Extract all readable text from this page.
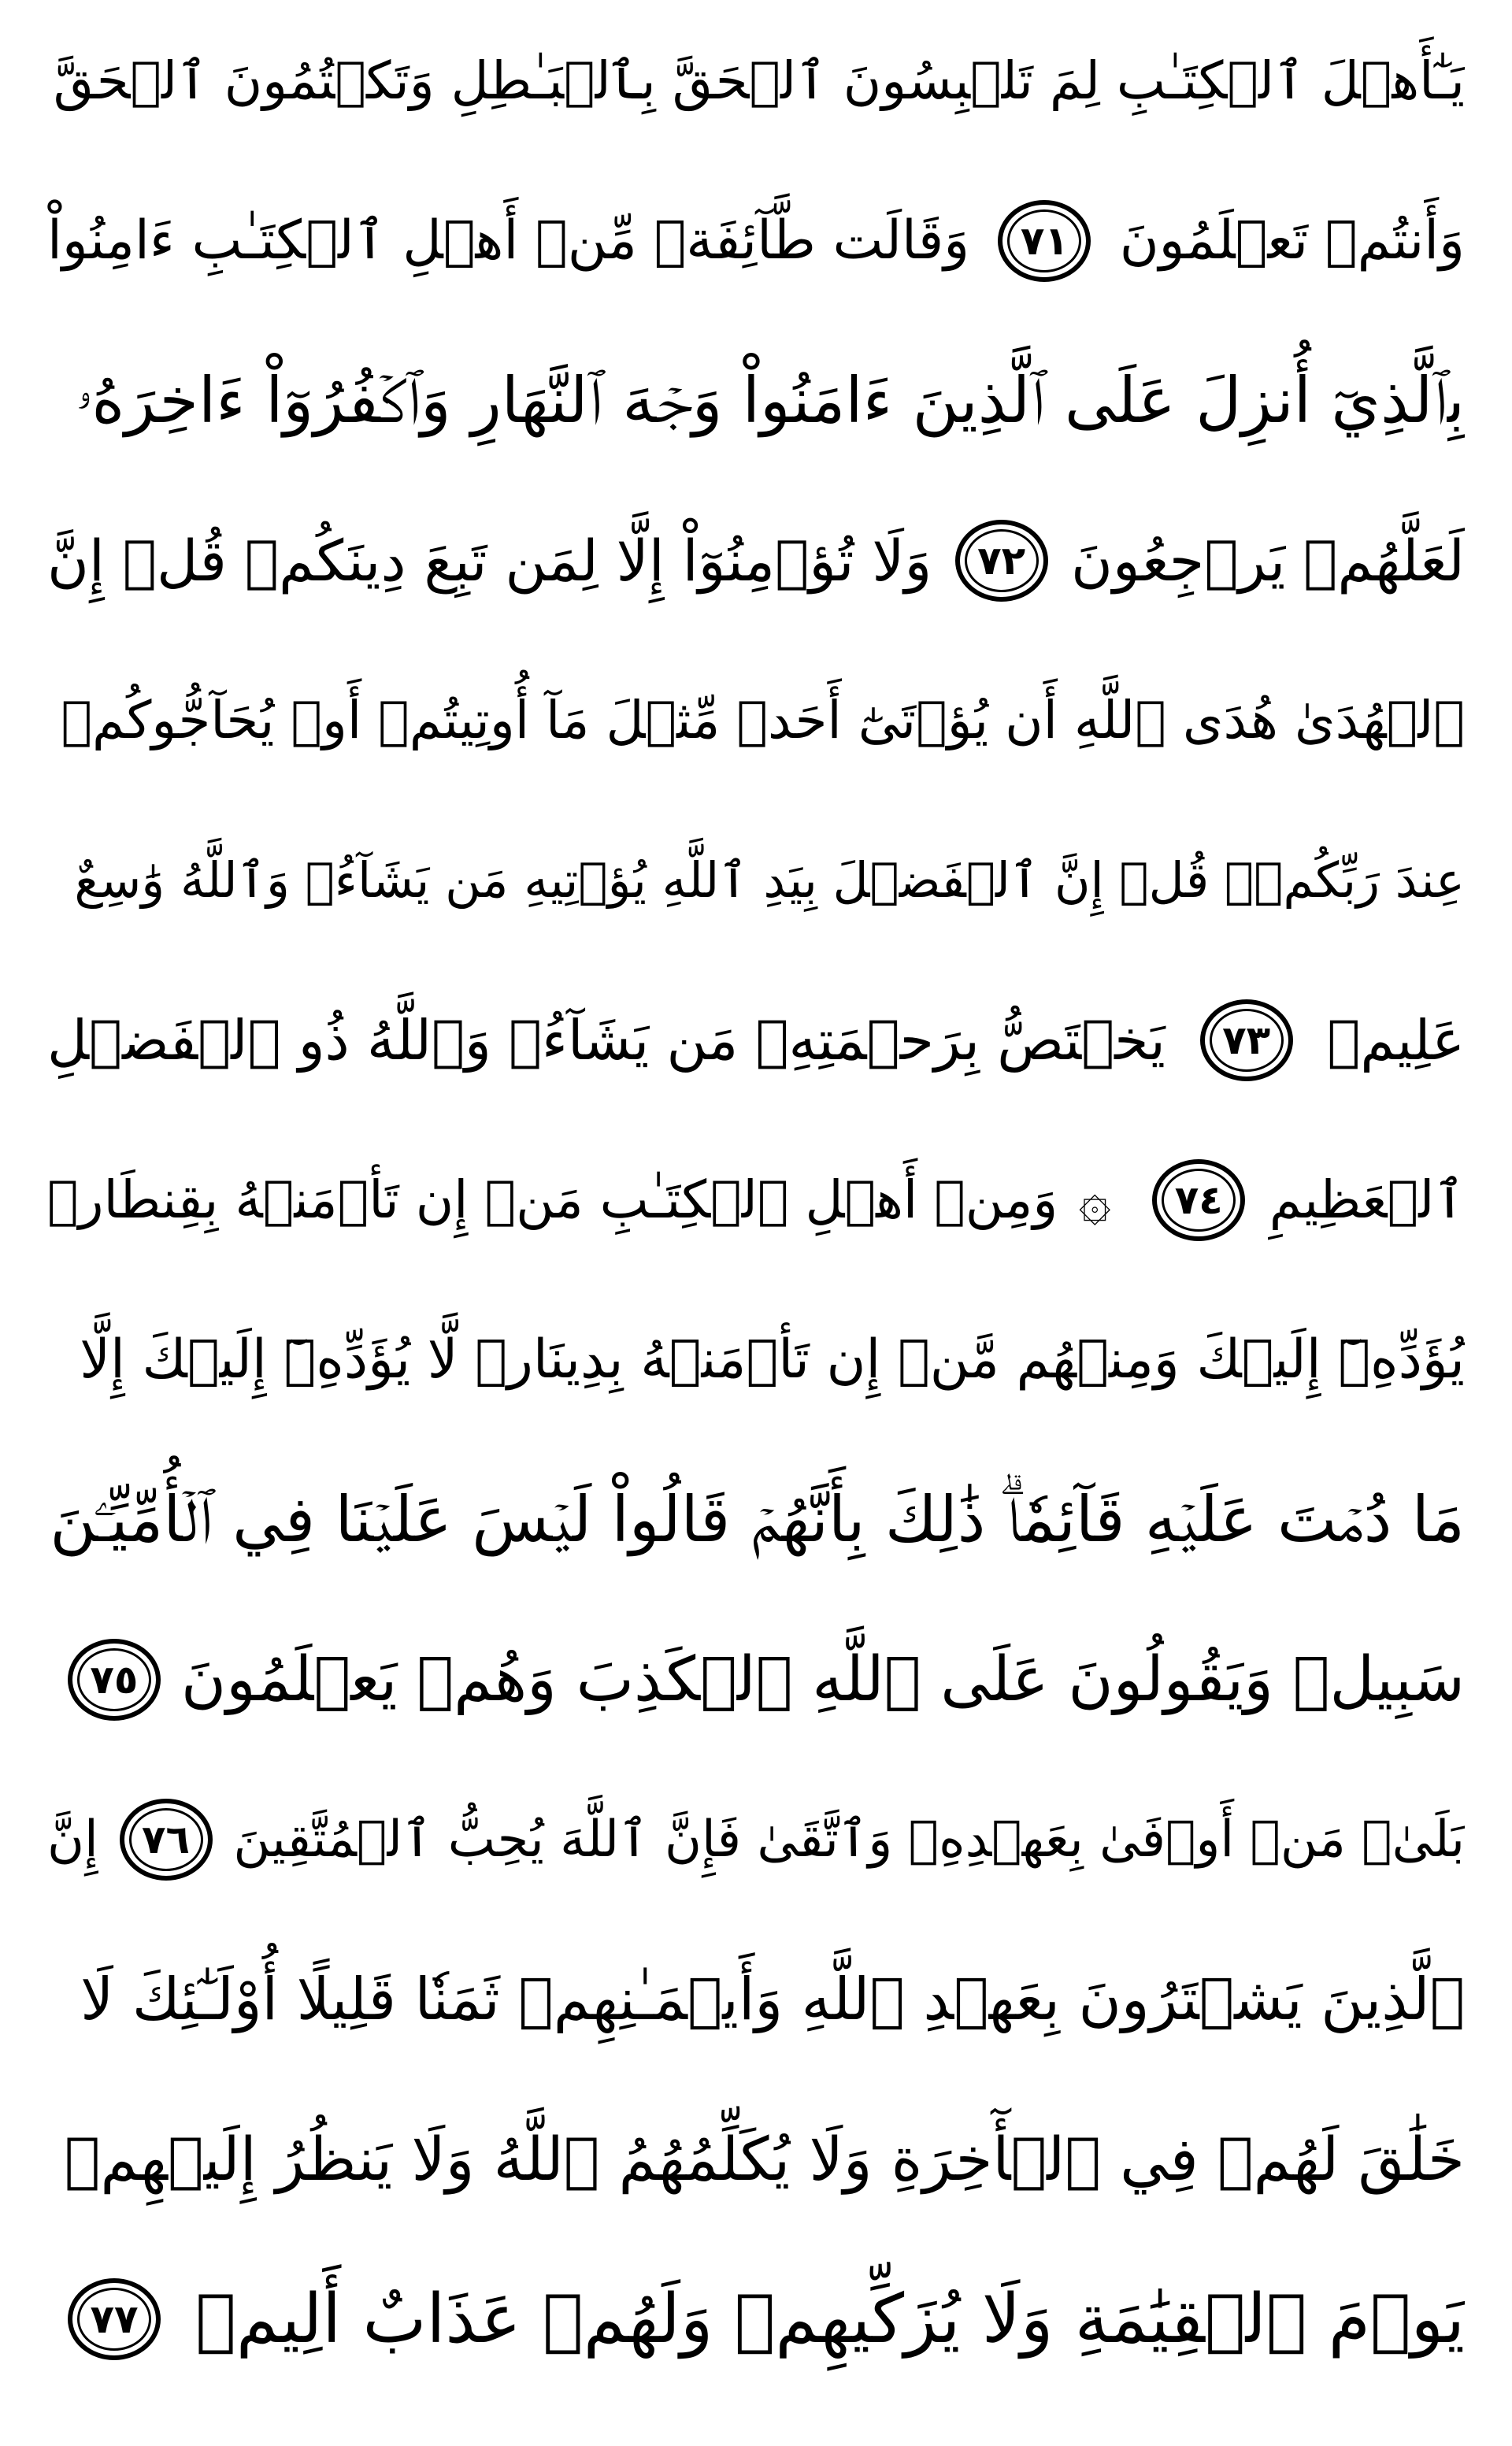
يَـٰٓأَهۡلَ ٱلۡكِتَـٰبِ لِمَ تَلۡبِسُونَ ٱلۡحَقَّ بِٱلۡبَـٰطِلِ وَتَكۡتُمُونَ ٱلۡحَقَّ
وَأَنتُمۡ تَعۡلَمُونَ
٧١
وَقَالَت طَّآئِفَةٞ مِّنۡ أَهۡلِ ٱلۡكِتَـٰبِ ءَامِنُواْ
بِٱلَّذِيٓ أُنزِلَ عَلَى ٱلَّذِينَ ءَامَنُواْ وَجۡهَ ٱلنَّهَارِ وَٱكۡفُرُوٓاْ ءَاخِرَهُۥ
لَعَلَّهُمۡ يَرۡجِعُونَ
٧٢
وَلَا تُؤۡمِنُوٓاْ إِلَّا لِمَن تَبِعَ دِينَكُمۡ قُلۡ إِنَّ
ٱلۡهُدَىٰ هُدَى ٱللَّهِ أَن يُؤۡتَىٰٓ أَحَدٞ مِّثۡلَ مَآ أُوتِيتُمۡ أَوۡ يُحَآجُّوكُمۡ
عِندَ رَبِّكُمۡۗ قُلۡ إِنَّ ٱلۡفَضۡلَ بِيَدِ ٱللَّهِ يُؤۡتِيهِ مَن يَشَآءُۗ وَٱللَّهُ وَٰسِعٌ
عَلِيمٞ
٧٣
يَخۡتَصُّ بِرَحۡمَتِهِۦ مَن يَشَآءُۗ وَٱللَّهُ ذُو ٱلۡفَضۡلِ
ٱلۡعَظِيمِ
٧٤
۞
وَمِنۡ أَهۡلِ ٱلۡكِتَـٰبِ مَنۡ إِن تَأۡمَنۡهُ بِقِنطَارٖ
يُؤَدِّهِۦٓ إِلَيۡكَ وَمِنۡهُم مَّنۡ إِن تَأۡمَنۡهُ بِدِينَارٖ لَّا يُؤَدِّهِۦٓ إِلَيۡكَ إِلَّا
مَا دُمۡتَ عَلَيۡهِ قَآئِمٗاۗ ذَٰلِكَ بِأَنَّهُمۡ قَالُواْ لَيۡسَ عَلَيۡنَا فِي ٱلۡأُمِّيِّـۧنَ
سَبِيلٞ وَيَقُولُونَ عَلَى ٱللَّهِ ٱلۡكَذِبَ وَهُمۡ يَعۡلَمُونَ
٧٥
بَلَىٰۚ مَنۡ أَوۡفَىٰ بِعَهۡدِهِۦ وَٱتَّقَىٰ فَإِنَّ ٱللَّهَ يُحِبُّ ٱلۡمُتَّقِينَ
٧٦
إِنَّ
ٱلَّذِينَ يَشۡتَرُونَ بِعَهۡدِ ٱللَّهِ وَأَيۡمَـٰنِهِمۡ ثَمَنٗا قَلِيلًا أُوْلَـٰٓئِكَ لَا
خَلَٰقَ لَهُمۡ فِي ٱلۡأٓخِرَةِ وَلَا يُكَلِّمُهُمُ ٱللَّهُ وَلَا يَنظُرُ إِلَيۡهِمۡ
يَوۡمَ ٱلۡقِيَٰمَةِ وَلَا يُزَكِّيهِمۡ وَلَهُمۡ عَذَابٌ أَلِيمٞ
٧٧
